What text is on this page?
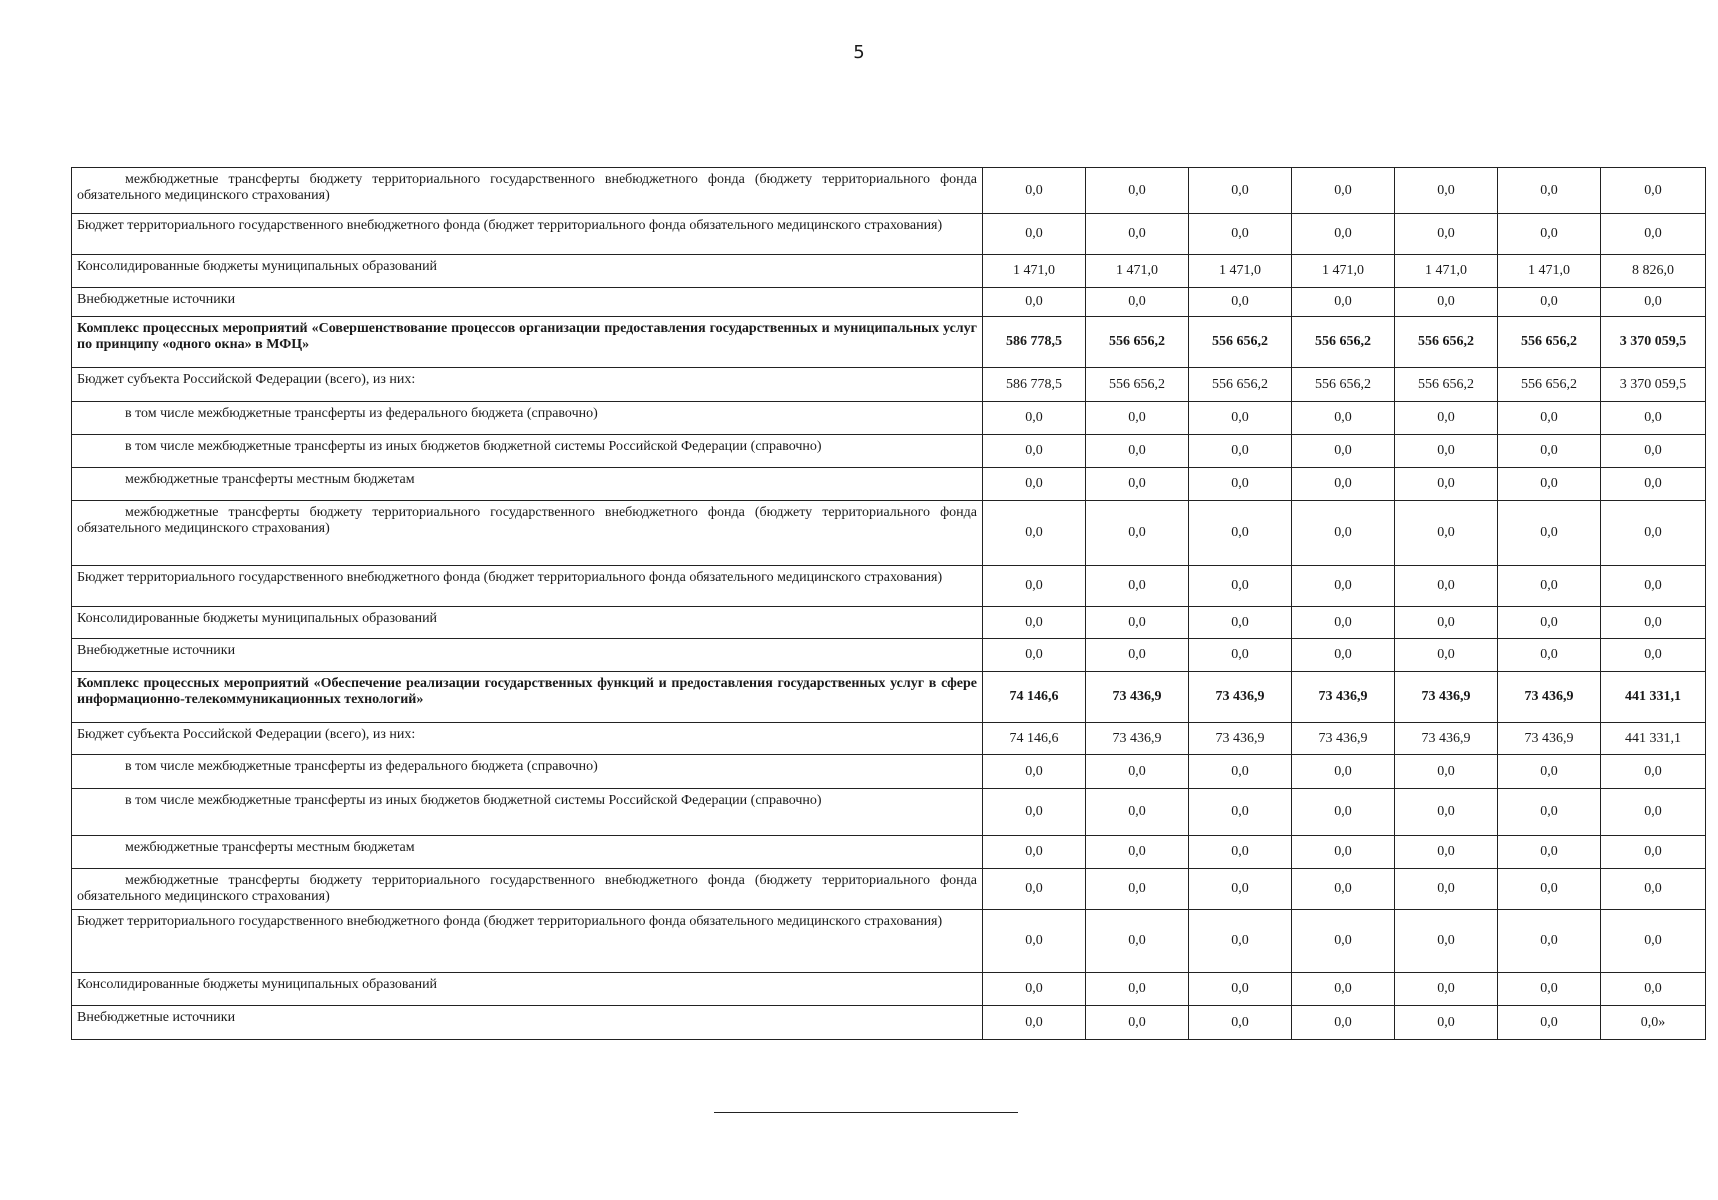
5
межбюджетные трансферты бюджету территориального государственного внебюджетного фонда (бюджету территориального фонда обязательного медицинского страхования)	0,0	0,0	0,0	0,0	0,0	0,0	0,0
Бюджет территориального государственного внебюджетного фонда (бюджет территориального фонда обязательного медицинского страхования)	0,0	0,0	0,0	0,0	0,0	0,0	0,0
Консолидированные бюджеты муниципальных образований	1 471,0	1 471,0	1 471,0	1 471,0	1 471,0	1 471,0	8 826,0
Внебюджетные источники	0,0	0,0	0,0	0,0	0,0	0,0	0,0
Комплекс процессных мероприятий «Совершенствование процессов организации предоставления государственных и муниципальных услуг по принципу «одного окна» в МФЦ»	586 778,5	556 656,2	556 656,2	556 656,2	556 656,2	556 656,2	3 370 059,5
Бюджет субъекта Российской Федерации (всего), из них:	586 778,5	556 656,2	556 656,2	556 656,2	556 656,2	556 656,2	3 370 059,5
в том числе межбюджетные трансферты из федерального бюджета (справочно)	0,0	0,0	0,0	0,0	0,0	0,0	0,0
в том числе межбюджетные трансферты из иных бюджетов бюджетной системы Российской Федерации (справочно)	0,0	0,0	0,0	0,0	0,0	0,0	0,0
межбюджетные трансферты местным бюджетам	0,0	0,0	0,0	0,0	0,0	0,0	0,0
межбюджетные трансферты бюджету территориального государственного внебюджетного фонда (бюджету территориального фонда обязательного медицинского страхования)	0,0	0,0	0,0	0,0	0,0	0,0	0,0
Бюджет территориального государственного внебюджетного фонда (бюджет территориального фонда обязательного медицинского страхования)	0,0	0,0	0,0	0,0	0,0	0,0	0,0
Консолидированные бюджеты муниципальных образований	0,0	0,0	0,0	0,0	0,0	0,0	0,0
Внебюджетные источники	0,0	0,0	0,0	0,0	0,0	0,0	0,0
Комплекс процессных мероприятий «Обеспечение реализации государственных функций и предоставления государственных услуг в сфере информационно-телекоммуникационных технологий»	74 146,6	73 436,9	73 436,9	73 436,9	73 436,9	73 436,9	441 331,1
Бюджет субъекта Российской Федерации (всего), из них:	74 146,6	73 436,9	73 436,9	73 436,9	73 436,9	73 436,9	441 331,1
в том числе межбюджетные трансферты из федерального бюджета (справочно)	0,0	0,0	0,0	0,0	0,0	0,0	0,0
в том числе межбюджетные трансферты из иных бюджетов бюджетной системы Российской Федерации (справочно)	0,0	0,0	0,0	0,0	0,0	0,0	0,0
межбюджетные трансферты местным бюджетам	0,0	0,0	0,0	0,0	0,0	0,0	0,0
межбюджетные трансферты бюджету территориального государственного внебюджетного фонда (бюджету территориального фонда обязательного медицинского страхования)	0,0	0,0	0,0	0,0	0,0	0,0	0,0
Бюджет территориального государственного внебюджетного фонда (бюджет территориального фонда обязательного медицинского страхования)	0,0	0,0	0,0	0,0	0,0	0,0	0,0
Консолидированные бюджеты муниципальных образований	0,0	0,0	0,0	0,0	0,0	0,0	0,0
Внебюджетные источники	0,0	0,0	0,0	0,0	0,0	0,0	0,0»
